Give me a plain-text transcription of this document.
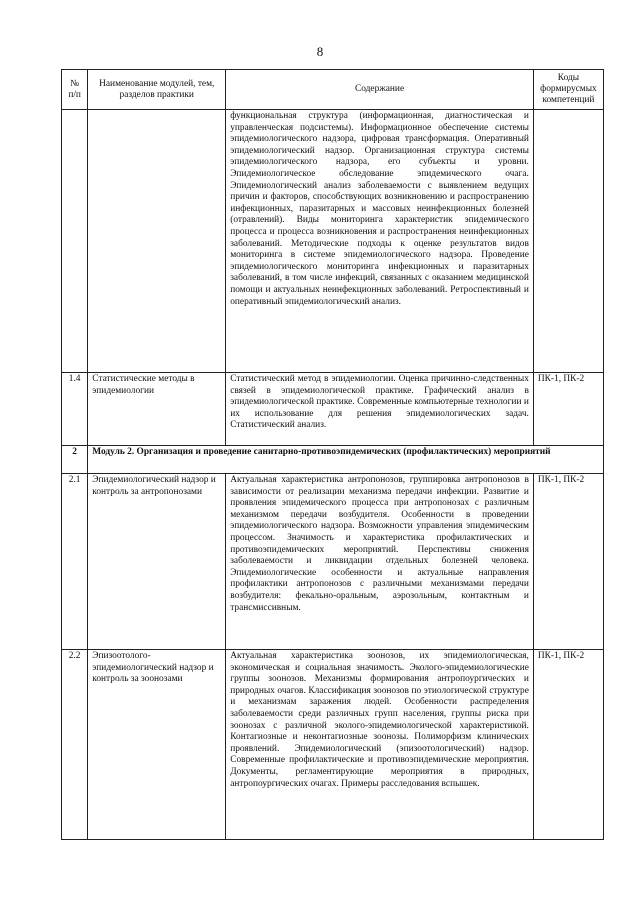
8
№ п/п	Наименование модулей, тем, разделов практики	Содержание	Коды формирусмых компетенций
		функциональная структура (информационная, диагностическая и управленческая подсистемы). Информационное обеспечение системы эпидемиологического надзора, цифровая трансформация. Оперативный эпидемиологический надзор. Организационная структура системы эпидемиологического надзора, его субъекты и уровни. Эпидемиологическое обследование эпидемического очага. Эпидемиологический анализ заболеваемости с выявлением ведущих причин и факторов, способствующих возникновению и распространению инфекционных, паразитарных и массовых неинфекционных болезней (отравлений). Виды мониторинга характеристик эпидемического процесса и процесса возникновения и распространения неинфекционных заболеваний. Методические подходы к оценке результатов видов мониторинга в системе эпидемиологического надзора. Проведение эпидемиологического мониторинга инфекционных и паразитарных заболеваний, в том числе инфекций, связанных с оказанием медицинской помощи и актуальных неинфекционных заболеваний. Ретроспективный и оперативный эпидемиологический анализ.	
1.4	Статистические методы в эпидемиологии	Статистический метод в эпидемиологии. Оценка причинно-следственных связей в эпидемиологической практике. Графический анализ в эпидемиологической практике. Современные компьютерные технологии и их использование для решения эпидемиологических задач. Статистический анализ.	ПК-1, ПК-2
2	Модуль 2. Организация и проведение санитарно-противоэпидемических (профилактических) мероприятий		
2.1	Эпидемиологический надзор и контроль за антропонозами	Актуальная характеристика антропонозов, группировка антропонозов в зависимости от реализации механизма передачи инфекции. Развитие и проявления эпидемического процесса при антропонозах с различным механизмом передачи возбудителя. Особенности в проведении эпидемиологического надзора. Возможности управления эпидемическим процессом. Значимость и характеристика профилактических и противоэпидемических мероприятий. Перспективы снижения заболеваемости и ликвидации отдельных болезней человека. Эпидемиологические особенности и актуальные направления профилактики антропонозов с различными механизмами передачи возбудителя: фекально-оральным, аэрозольным, контактным и трансмиссивным.	ПК-1, ПК-2
2.2	Эпизоотолого-эпидемиологический надзор и контроль за зоонозами	Актуальная характеристика зоонозов, их эпидемиологическая, экономическая и социальная значимость. Эколого-эпидемиологические группы зоонозов. Механизмы формирования антропоургических и природных очагов. Классификация зоонозов по этиологической структуре и механизмам заражения людей. Особенности распределения заболеваемости среди различных групп населения, группы риска при зоонозах с различной эколого-эпидемиологической характеристикой. Контагиозные и неконтагиозные зоонозы. Полиморфизм клинических проявлений. Эпидемиологический (эпизоотологический) надзор. Современные профилактические и противоэпидемические мероприятия. Документы, регламентирующие мероприятия в природных, антропоургических очагах. Примеры расследования вспышек.	ПК-1, ПК-2
